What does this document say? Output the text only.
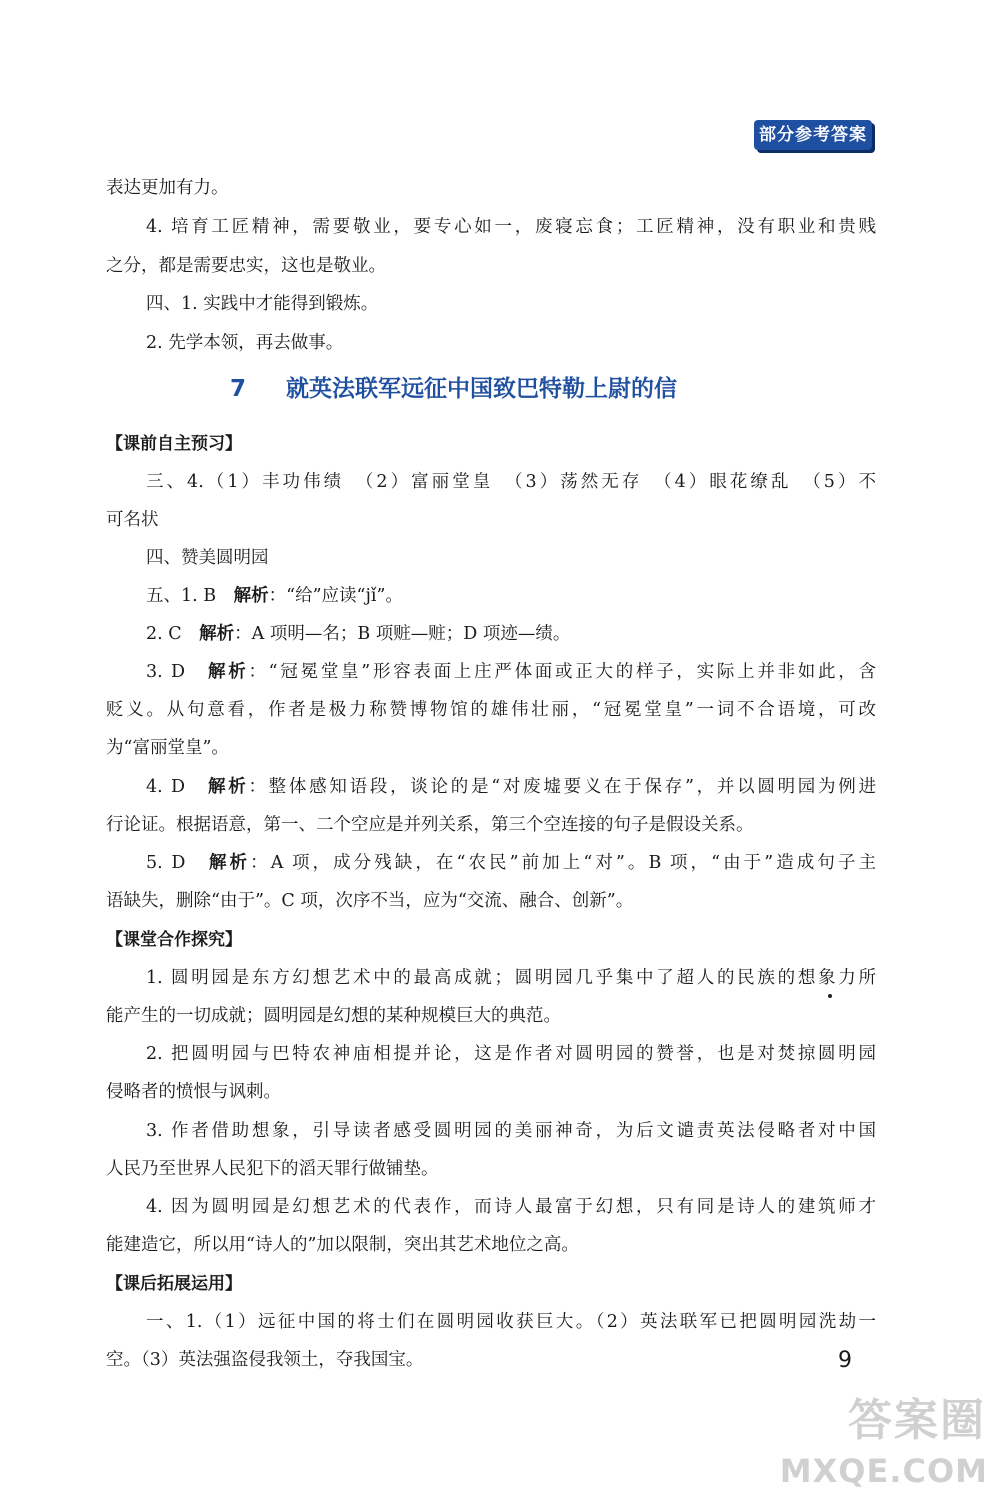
部分参考答案
表达更加有力。
4. 培育工匠精神，需要敬业，要专心如一，废寝忘食；工匠精神，没有职业和贵贱
之分，都是需要忠实，这也是敬业。
四、1. 实践中才能得到锻炼。
2. 先学本领，再去做事。
7 就英法联军远征中国致巴特勒上尉的信
【课前自主预习】
三、4.（1）丰功伟绩　（2）富丽堂皇　（3）荡然无存　（4）眼花缭乱　（5）不
可名状
四、赞美圆明园
五、1. B　解析：“给”应读“jǐ”。
2. C　解析：A 项明—名；B 项赃—赃；D 项迹—绩。
3. D　解析：“冠冕堂皇”形容表面上庄严体面或正大的样子，实际上并非如此，含
贬义。从句意看，作者是极力称赞博物馆的雄伟壮丽，“冠冕堂皇”一词不合语境，可改
为“富丽堂皇”。
4. D　解析：整体感知语段，谈论的是“对废墟要义在于保存”，并以圆明园为例进
行论证。根据语意，第一、二个空应是并列关系，第三个空连接的句子是假设关系。
5. D　解析：A 项，成分残缺，在“农民”前加上“对”。B 项，“由于”造成句子主
语缺失，删除“由于”。C 项，次序不当，应为“交流、融合、创新”。
【课堂合作探究】
1. 圆明园是东方幻想艺术中的最高成就；圆明园几乎集中了超人的民族的想象力所
能产生的一切成就；圆明园是幻想的某种规模巨大的典范。
2. 把圆明园与巴特农神庙相提并论，这是作者对圆明园的赞誉，也是对焚掠圆明园
侵略者的愤恨与讽刺。
3. 作者借助想象，引导读者感受圆明园的美丽神奇，为后文谴责英法侵略者对中国
人民乃至世界人民犯下的滔天罪行做铺垫。
4. 因为圆明园是幻想艺术的代表作，而诗人最富于幻想，只有同是诗人的建筑师才
能建造它，所以用“诗人的”加以限制，突出其艺术地位之高。
【课后拓展运用】
一、1.（1）远征中国的将士们在圆明园收获巨大。（2）英法联军已把圆明园洗劫一
空。（3）英法强盗侵我领土，夺我国宝。	9
答案圈
MXQE.COM
